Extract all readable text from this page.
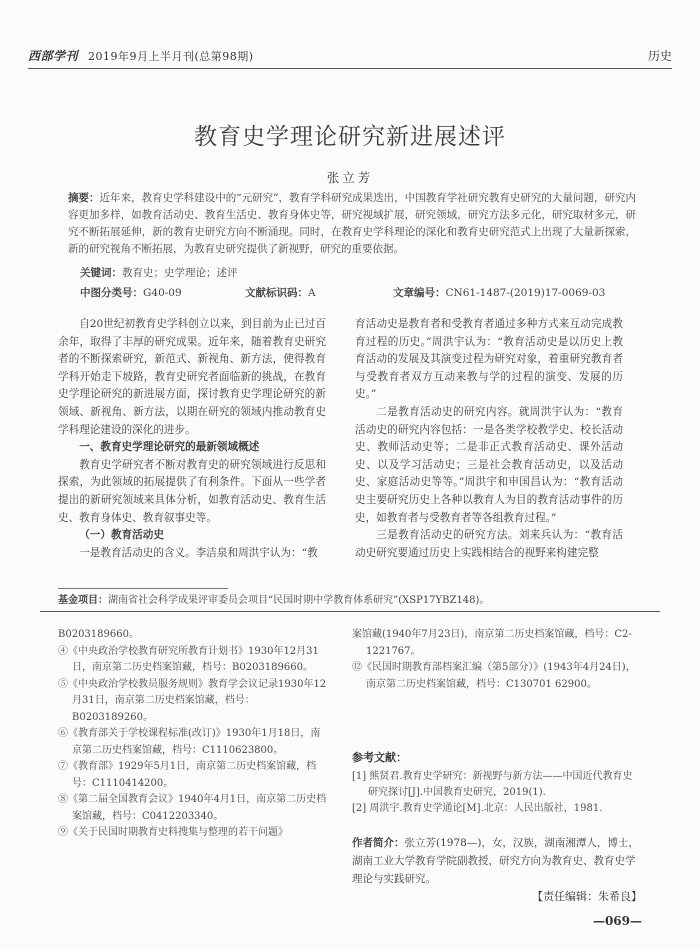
西部学刊 2019年9月上半月刊(总第98期)	历史
教育史学理论研究新进展述评
张立芳
摘要：近年来，教育史学科建设中的“元研究”，教育学科研究成果迭出，中国教育学社研究教育史研究的大量问题，研究内容更加多样，如教育活动史、教育生活史、教育身体史等，研究视域扩展，研究领域，研究方法多元化，研究取材多元，研究不断拓展延伸，新的教育史研究方向不断涌现。同时，在教育史学科理论的深化和教育史研究范式上出现了大量新探索，新的研究视角不断拓展，为教育史研究提供了新视野，研究的重要依据。
关键词：教育史；史学理论；述评
中图分类号：G40-09	文献标识码：A	文章编号：CN61-1487-(2019)17-0069-03

自20世纪初教育史学科创立以来，到目前为止已过百余年，取得了丰厚的研究成果。近年来，随着教育史研究者的不断探索研究，新范式、新视角、新方法，使得教育学科开始走下坡路，教育史研究者面临新的挑战，在教育史学理论研究的新进展方面，探讨教育史学理论研究的新领域、新视角、新方法，以期在研究的领域内推动教育史学科理论建设的深化的进步。

一、教育史学理论研究的最新领域概述

教育史学研究者不断对教育史的研究领域进行反思和探索，为此领域的拓展提供了有利条件。下面从一些学者提出的新研究领域来具体分析，如教育活动史、教育生活史、教育身体史、教育叙事史等。

（一）教育活动史

一是教育活动史的含义。李洁泉和周洪宇认为：“教

育活动史是教育者和受教育者通过多种方式来互动完成教育过程的历史。”周洪宇认为：“教育活动史是以历史上教育活动的发展及其演变过程为研究对象，着重研究教育者与受教育者双方互动来教与学的过程的演变、发展的历史。”

二是教育活动史的研究内容。就周洪宇认为：“教育活动史的研究内容包括：一是各类学校教学史、校长活动史、教师活动史等；二是非正式教育活动史、课外活动史、以及学习活动史；三是社会教育活动史，以及活动史、家庭活动史等等。”周洪宇和申国昌认为：“教育活动史主要研究历史上各种以教育人为目的教育活动事件的历史，如教育者与受教育者等各组教育过程。”

三是教育活动史的研究方法。刘来兵认为：“教育活动史研究要通过历史上实践相结合的视野来构建完整

基金项目：湖南省社会科学成果评审委员会项目“民国时期中学教育体系研究”(XSP17YBZ148)。

B0203189660。

④《中央政治学校教育研究所教育计划书》1930年12月31日，南京第二历史档案馆藏，档号：B0203189660。

⑤《中央政治学校教员服务规则》教育学会议记录1930年12月31日，南京第二历史档案馆藏，档号：B0203189260。

⑥《教育部关于学校课程标准(改订)》1930年1月18日，南京第二历史档案馆藏，档号：C1110623800。

⑦《教育部》1929年5月1日，南京第二历史档案馆藏，档号：C1110414200。

⑧《第二届全国教育会议》1940年4月1日，南京第二历史档案馆藏，档号：C0412203340。

⑨《关于民国时期教育史料搜集与整理的若干问题》

案馆藏(1940年7月23日)，南京第二历史档案馆藏，档号：C2-1221767。

⑫《民国时期教育部档案汇编（第5部分）》(1943年4月24日)，南京第二历史档案馆藏，档号：C130701 62900。

参考文献：

[1] 熊贤君.教育史学研究：新视野与新方法——中国近代教育史研究探讨[J].中国教育史研究，2019(1).

[2] 周洪宇.教育史学通论[M].北京：人民出版社，1981.

作者简介：张立芳(1978—)，女，汉族，湖南湘潭人，博士，湖南工业大学教育学院副教授，研究方向为教育史、教育史学理论与实践研究。
【责任编辑：朱希良】
—069—
